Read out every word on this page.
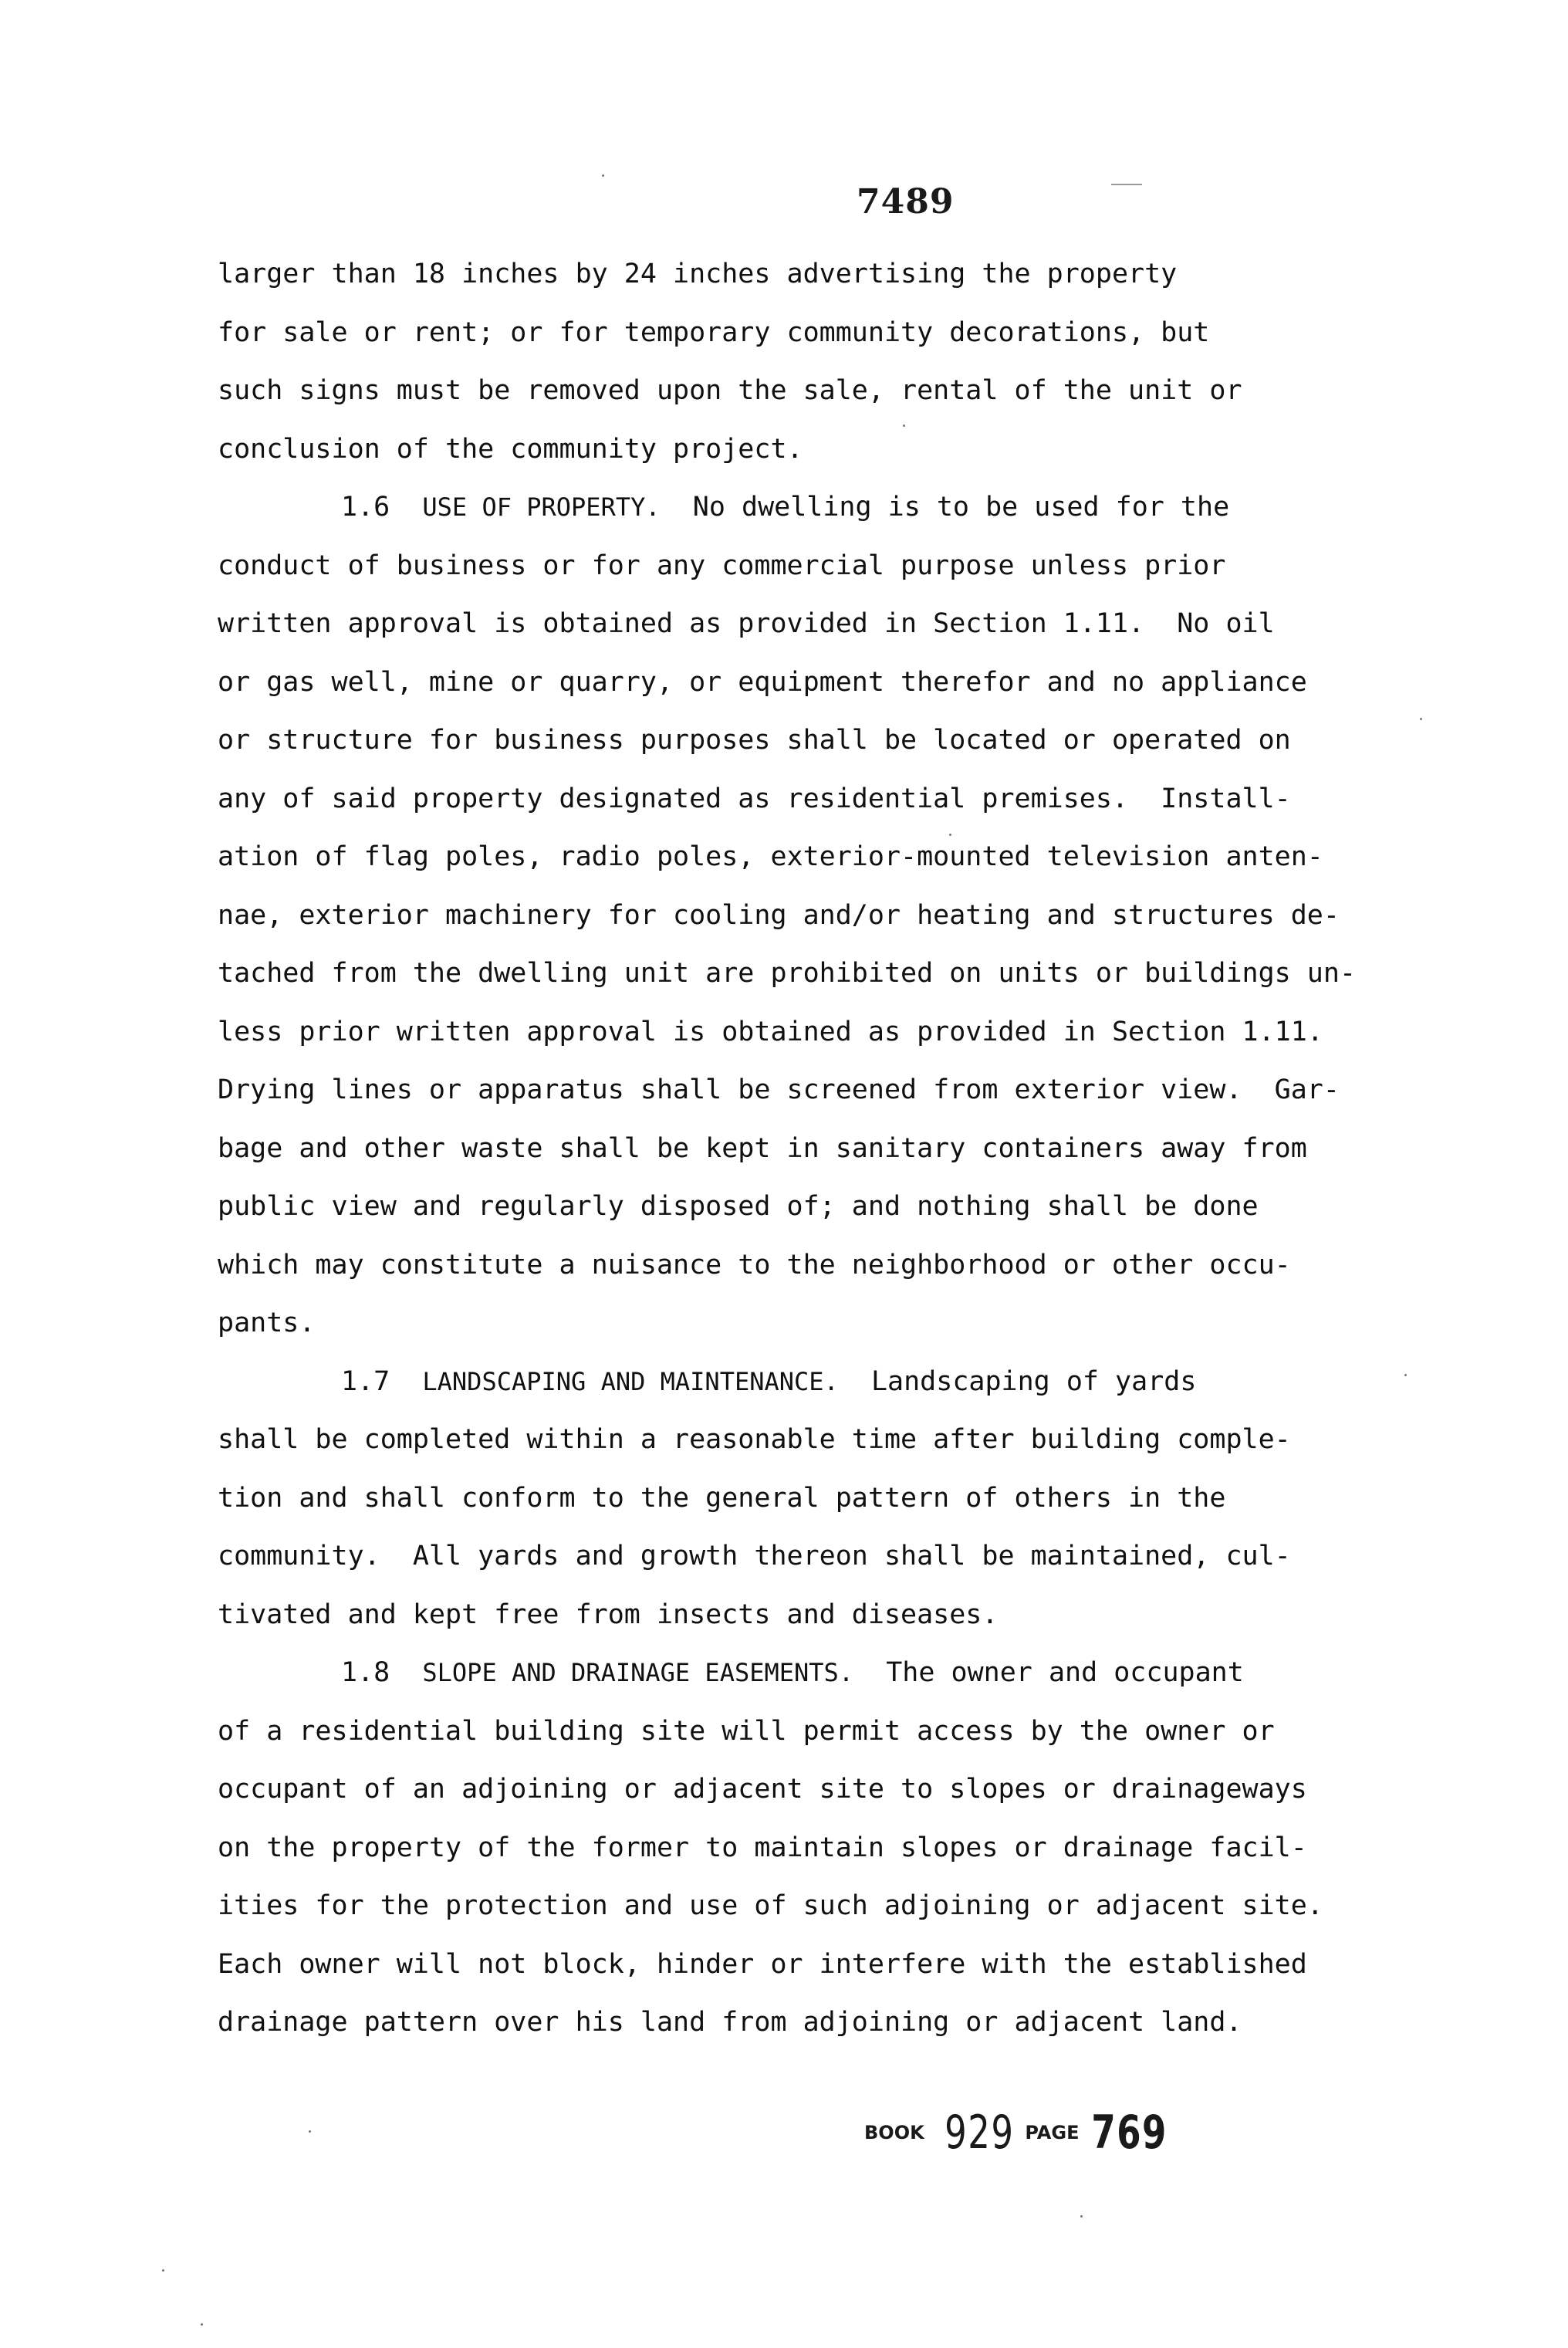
7489
larger than 18 inches by 24 inches advertising the property
for sale or rent; or for temporary community decorations, but
such signs must be removed upon the sale, rental of the unit or
conclusion of the community project.
1.6 USE OF PROPERTY. No dwelling is to be used for the
conduct of business or for any commercial purpose unless prior
written approval is obtained as provided in Section 1.11.  No oil
or gas well, mine or quarry, or equipment therefor and no appliance
or structure for business purposes shall be located or operated on
any of said property designated as residential premises.  Install-
ation of flag poles, radio poles, exterior-mounted television anten-
nae, exterior machinery for cooling and/or heating and structures de-
tached from the dwelling unit are prohibited on units or buildings un-
less prior written approval is obtained as provided in Section 1.11.
Drying lines or apparatus shall be screened from exterior view.  Gar-
bage and other waste shall be kept in sanitary containers away from
public view and regularly disposed of; and nothing shall be done
which may constitute a nuisance to the neighborhood or other occu-
pants.
1.7 LANDSCAPING AND MAINTENANCE. Landscaping of yards
shall be completed within a reasonable time after building comple-
tion and shall conform to the general pattern of others in the
community.  All yards and growth thereon shall be maintained, cul-
tivated and kept free from insects and diseases.
1.8 SLOPE AND DRAINAGE EASEMENTS. The owner and occupant
of a residential building site will permit access by the owner or
occupant of an adjoining or adjacent site to slopes or drainageways
on the property of the former to maintain slopes or drainage facil-
ities for the protection and use of such adjoining or adjacent site.
Each owner will not block, hinder or interfere with the established
drainage pattern over his land from adjoining or adjacent land.
BOOK 929 PAGE 769
